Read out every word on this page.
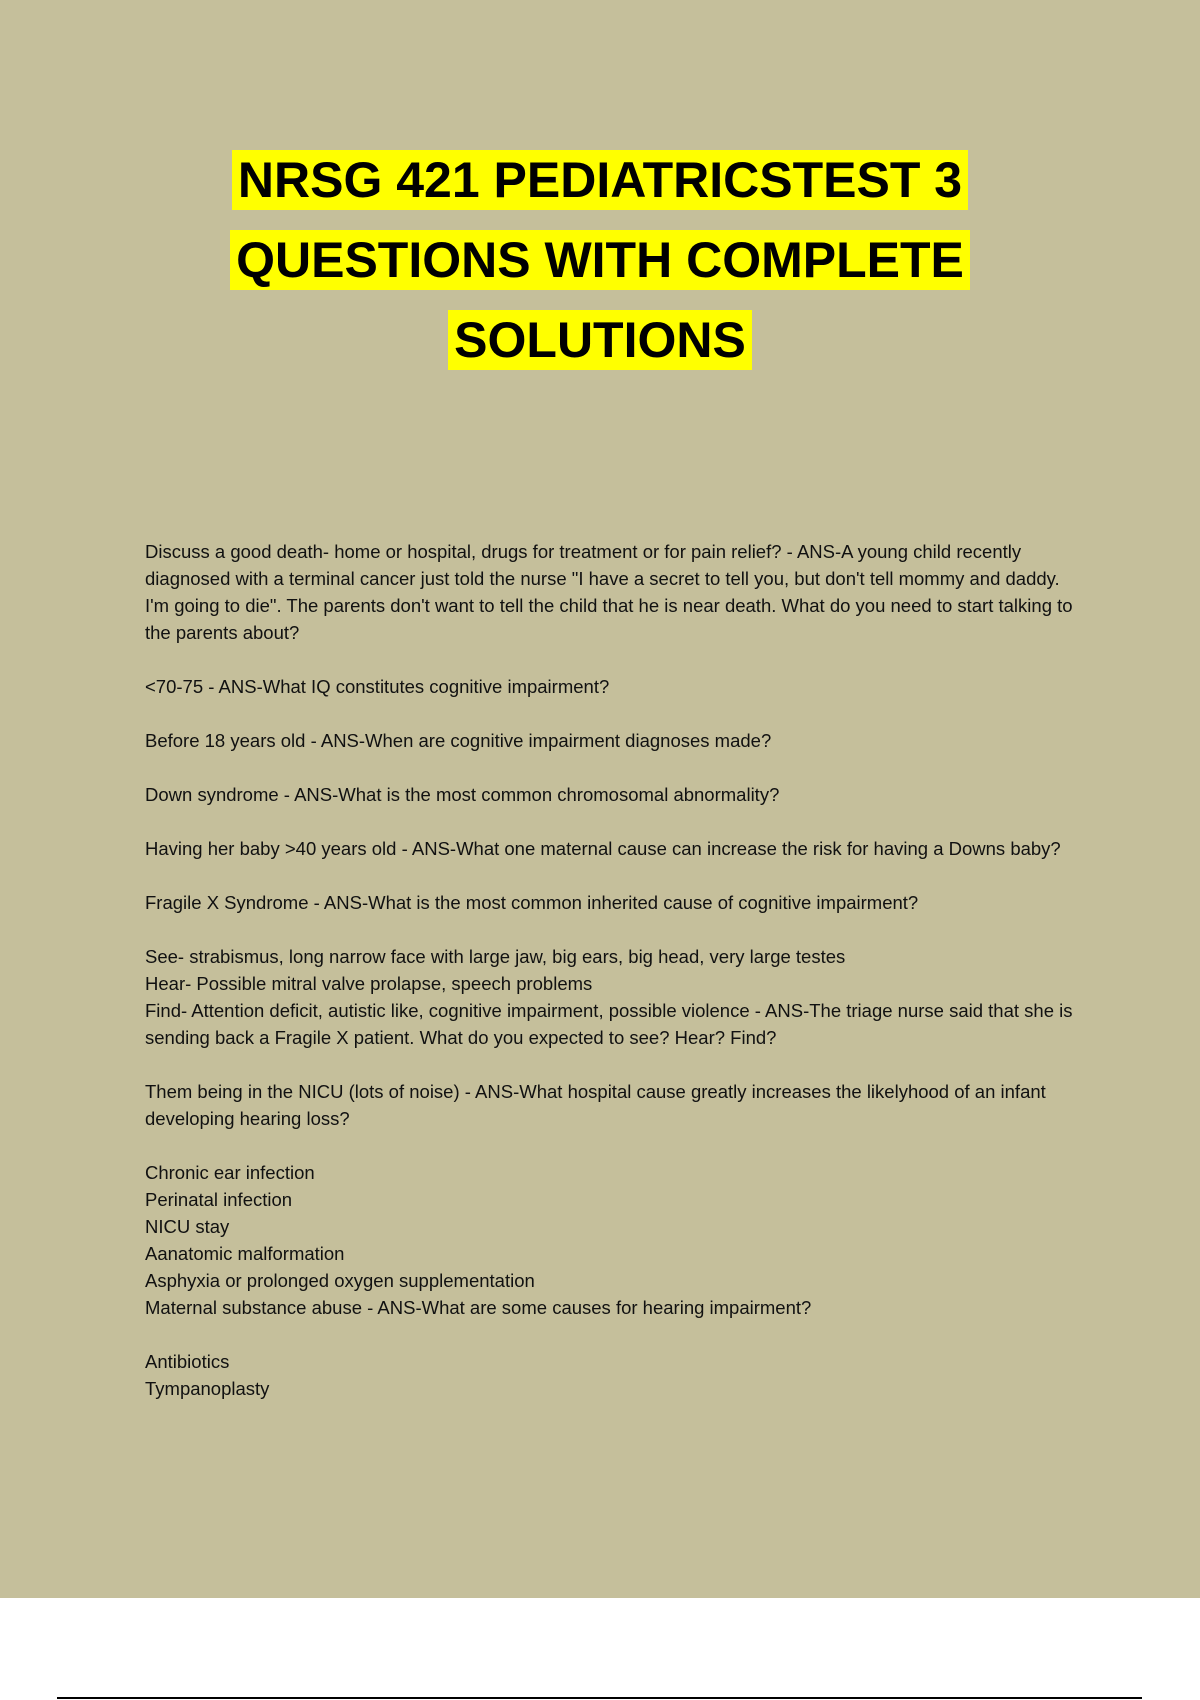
NRSG 421 PEDIATRICSTEST 3
QUESTIONS WITH COMPLETE
SOLUTIONS
Discuss a good death- home or hospital, drugs for treatment or for pain relief? - ANS-A young child recently diagnosed with a terminal cancer just told the nurse "I have a secret to tell you, but don't tell mommy and daddy. I'm going to die". The parents don't want to tell the child that he is near death. What do you need to start talking to the parents about?
<70-75 - ANS-What IQ constitutes cognitive impairment?
Before 18 years old - ANS-When are cognitive impairment diagnoses made?
Down syndrome - ANS-What is the most common chromosomal abnormality?
Having her baby >40 years old - ANS-What one maternal cause can increase the risk for having a Downs baby?
Fragile X Syndrome - ANS-What is the most common inherited cause of cognitive impairment?
See- strabismus, long narrow face with large jaw, big ears, big head, very large testes
Hear- Possible mitral valve prolapse, speech problems
Find- Attention deficit, autistic like, cognitive impairment, possible violence - ANS-The triage nurse said that she is sending back a Fragile X patient. What do you expected to see? Hear? Find?
Them being in the NICU (lots of noise) - ANS-What hospital cause greatly increases the likelyhood of an infant developing hearing loss?
Chronic ear infection
Perinatal infection
NICU stay
Aanatomic malformation
Asphyxia or prolonged oxygen supplementation
Maternal substance abuse - ANS-What are some causes for hearing impairment?
Antibiotics
Tympanoplasty
